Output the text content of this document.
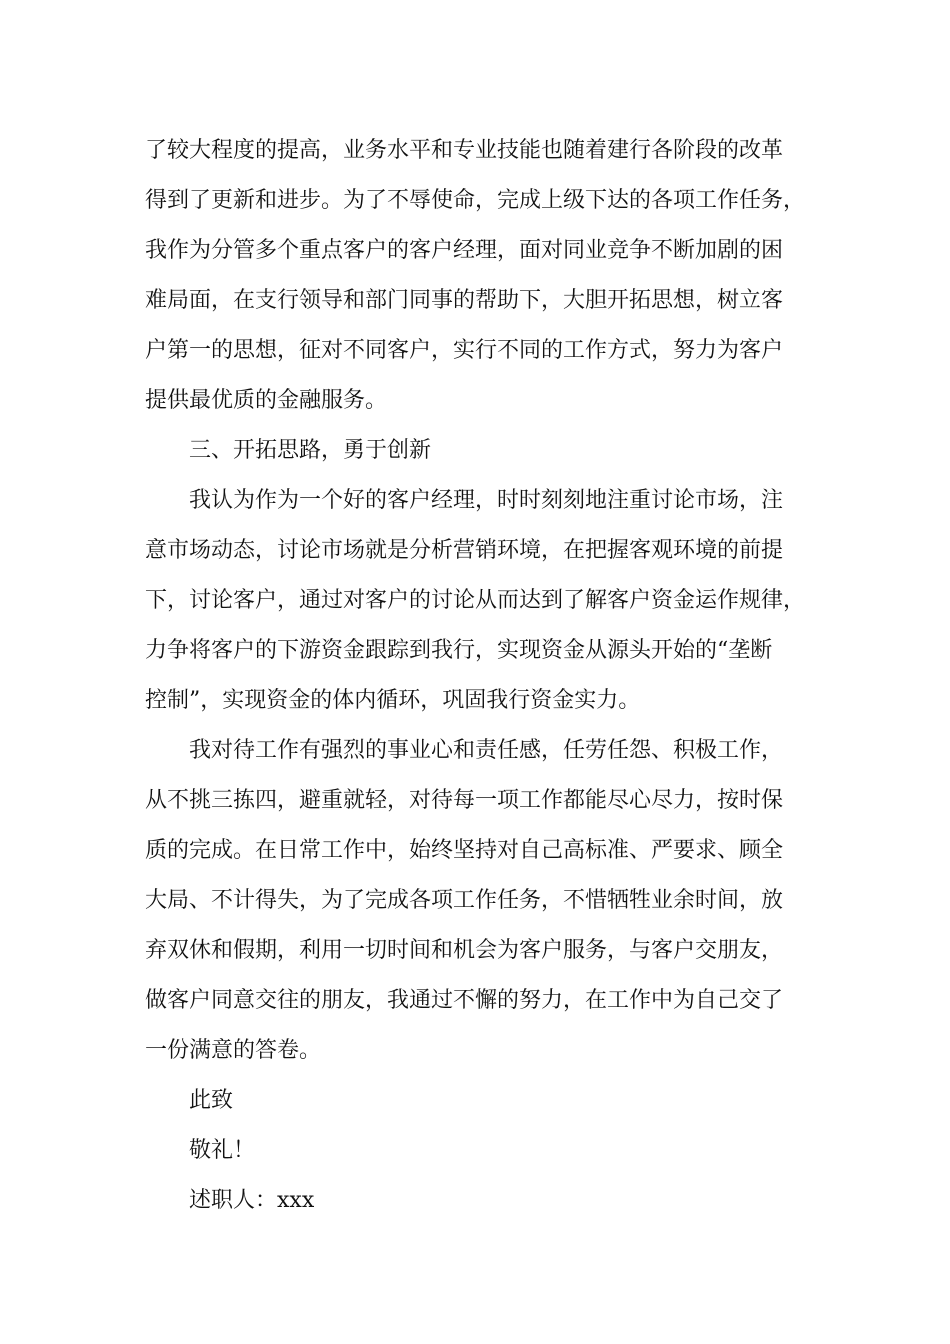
了较大程度的提高，业务水平和专业技能也随着建行各阶段的改革
得到了更新和进步。为了不辱使命，完成上级下达的各项工作任务，
我作为分管多个重点客户的客户经理，面对同业竞争不断加剧的困
难局面，在支行领导和部门同事的帮助下，大胆开拓思想，树立客
户第一的思想，征对不同客户，实行不同的工作方式，努力为客户
提供最优质的金融服务。
三、开拓思路，勇于创新
我认为作为一个好的客户经理，时时刻刻地注重讨论市场，注
意市场动态，讨论市场就是分析营销环境，在把握客观环境的前提
下，讨论客户，通过对客户的讨论从而达到了解客户资金运作规律，
力争将客户的下游资金跟踪到我行，实现资金从源头开始的“垄断
控制”，实现资金的体内循环，巩固我行资金实力。
我对待工作有强烈的事业心和责任感，任劳任怨、积极工作，
从不挑三拣四，避重就轻，对待每一项工作都能尽心尽力，按时保
质的完成。在日常工作中，始终坚持对自己高标准、严要求、顾全
大局、不计得失，为了完成各项工作任务，不惜牺牲业余时间，放
弃双休和假期，利用一切时间和机会为客户服务，与客户交朋友，
做客户同意交往的朋友，我通过不懈的努力，在工作中为自己交了
一份满意的答卷。
此致
敬礼！
述职人：xxx
